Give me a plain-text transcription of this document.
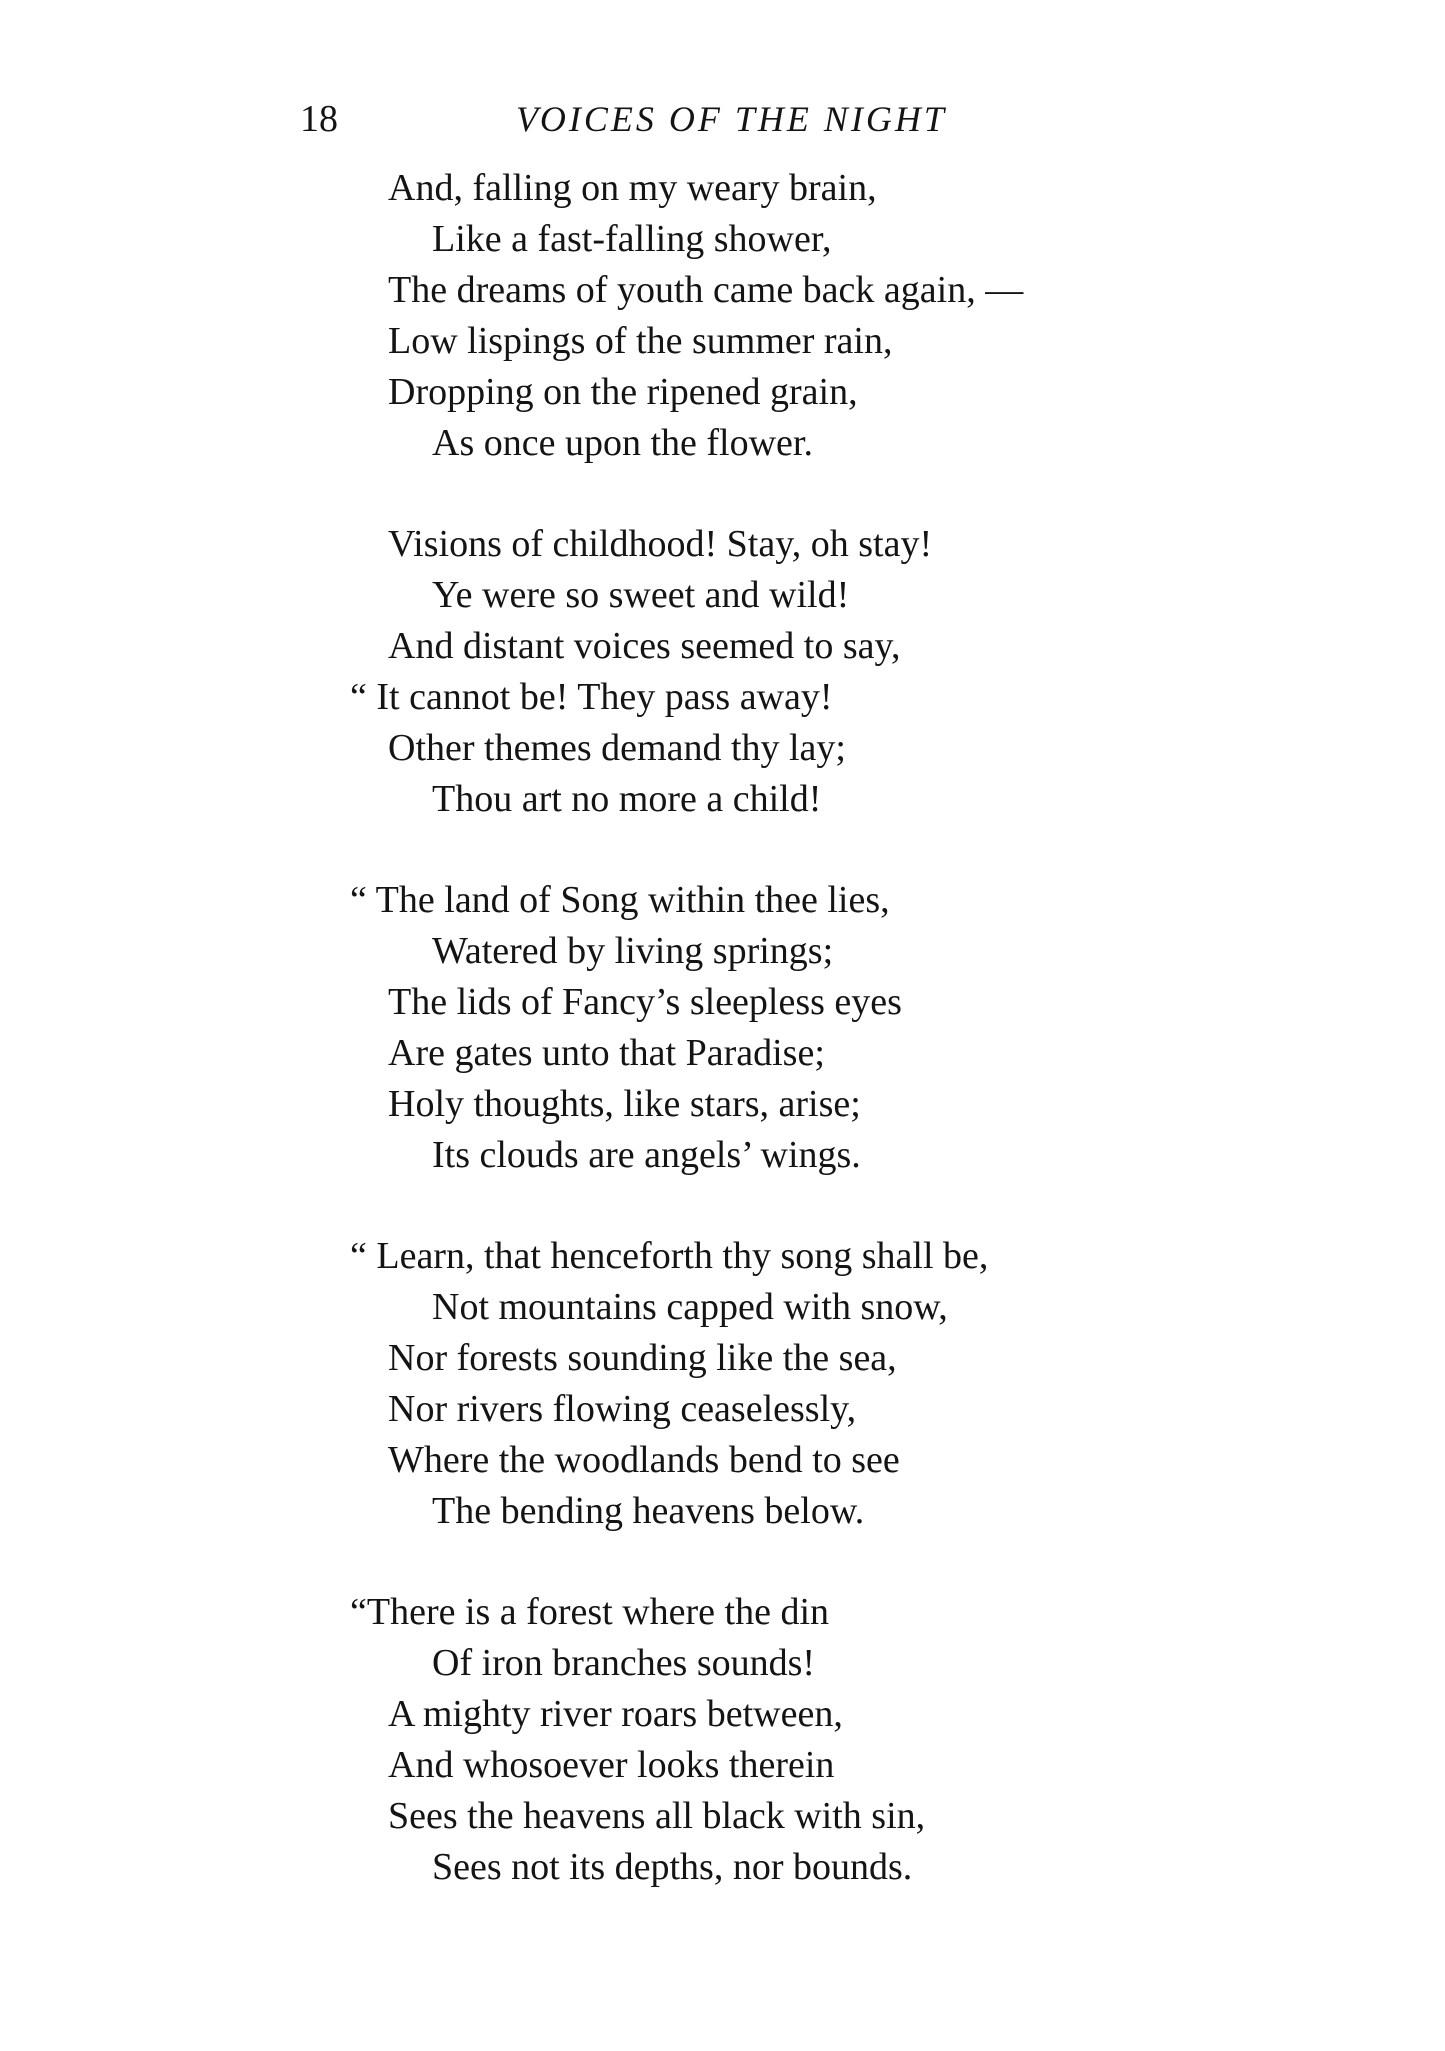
18	VOICES OF THE NIGHT
And, falling on my weary brain,
Like a fast-falling shower,
The dreams of youth came back again, —
Low lispings of the summer rain,
Dropping on the ripened grain,
As once upon the flower.
Visions of childhood! Stay, oh stay!
Ye were so sweet and wild!
And distant voices seemed to say,
“ It cannot be! They pass away!
Other themes demand thy lay;
Thou art no more a child!
“ The land of Song within thee lies,
Watered by living springs;
The lids of Fancy’s sleepless eyes
Are gates unto that Paradise;
Holy thoughts, like stars, arise;
Its clouds are angels’ wings.
“ Learn, that henceforth thy song shall be,
Not mountains capped with snow,
Nor forests sounding like the sea,
Nor rivers flowing ceaselessly,
Where the woodlands bend to see
The bending heavens below.
“There is a forest where the din
Of iron branches sounds!
A mighty river roars between,
And whosoever looks therein
Sees the heavens all black with sin,
Sees not its depths, nor bounds.
